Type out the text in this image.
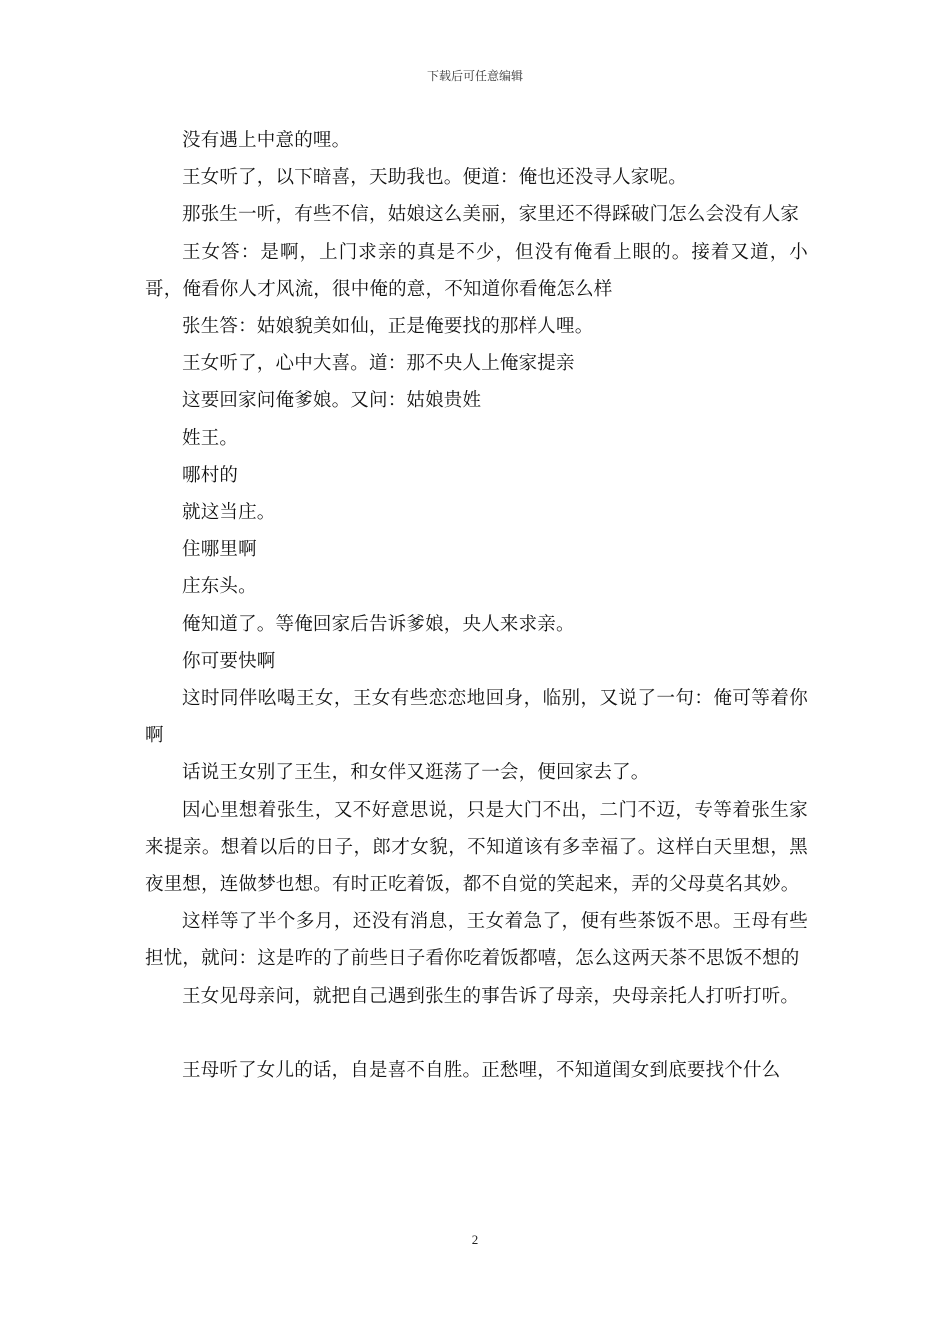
下载后可任意编辑

没有遇上中意的哩。

王女听了，以下暗喜，天助我也。便道：俺也还没寻人家呢。

那张生一听，有些不信，姑娘这么美丽，家里还不得踩破门怎么会没有人家

王女答：是啊，上门求亲的真是不少，但没有俺看上眼的。接着又道，小哥，俺看你人才风流，很中俺的意，不知道你看俺怎么样

张生答：姑娘貌美如仙，正是俺要找的那样人哩。

王女听了，心中大喜。道：那不央人上俺家提亲

这要回家问俺爹娘。又问：姑娘贵姓

姓王。

哪村的

就这当庄。

住哪里啊

庄东头。

俺知道了。等俺回家后告诉爹娘，央人来求亲。

你可要快啊

这时同伴吆喝王女，王女有些恋恋地回身，临别，又说了一句：俺可等着你啊

话说王女别了王生，和女伴又逛荡了一会，便回家去了。

因心里想着张生，又不好意思说，只是大门不出，二门不迈，专等着张生家来提亲。想着以后的日子，郎才女貌，不知道该有多幸福了。这样白天里想，黑夜里想，连做梦也想。有时正吃着饭，都不自觉的笑起来，弄的父母莫名其妙。

这样等了半个多月，还没有消息，王女着急了，便有些茶饭不思。王母有些担忧，就问：这是咋的了前些日子看你吃着饭都嘻，怎么这两天茶不思饭不想的

王女见母亲问，就把自己遇到张生的事告诉了母亲，央母亲托人打听打听。

王母听了女儿的话，自是喜不自胜。正愁哩，不知道闺女到底要找个什么

2
